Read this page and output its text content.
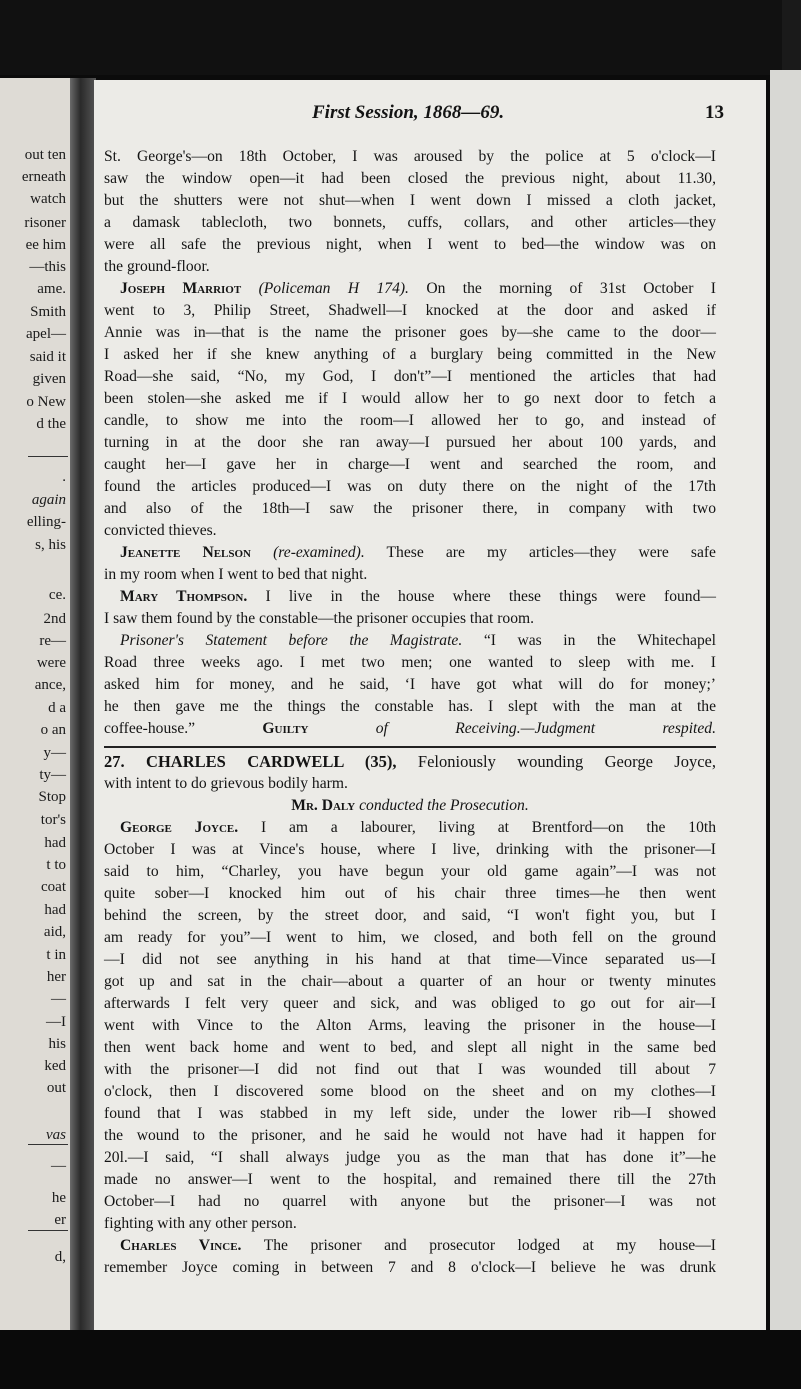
out ten
erneath
watch
risoner
ee him
—this
ame.
Smith
apel—
said it
given
o New
d the
.
again
elling-
s, his
ce.
2nd
re—
were
ance,
d a
o an
y—
ty—
Stop
tor's
had
t to
coat
had
aid,
t in
her
—
—I
his
ked
out
vas
—
he
er
d,
First Session, 1868—69.	13
St. George's—on 18th October, I was aroused by the police at 5 o'clock—I
saw the window open—it had been closed the previous night, about 11.30,
but the shutters were not shut—when I went down I missed a cloth jacket,
a damask tablecloth, two bonnets, cuffs, collars, and other articles—they
were all safe the previous night, when I went to bed—the window was on
the ground-floor.
Joseph Marriot (Policeman H 174). On the morning of 31st October I
went to 3, Philip Street, Shadwell—I knocked at the door and asked if
Annie was in—that is the name the prisoner goes by—she came to the door—
I asked her if she knew anything of a burglary being committed in the New
Road—she said, “No, my God, I don't”—I mentioned the articles that had
been stolen—she asked me if I would allow her to go next door to fetch a
candle, to show me into the room—I allowed her to go, and instead of
turning in at the door she ran away—I pursued her about 100 yards, and
caught her—I gave her in charge—I went and searched the room, and
found the articles produced—I was on duty there on the night of the 17th
and also of the 18th—I saw the prisoner there, in company with two
convicted thieves.
Jeanette Nelson (re-examined). These are my articles—they were safe
in my room when I went to bed that night.
Mary Thompson. I live in the house where these things were found—
I saw them found by the constable—the prisoner occupies that room.
Prisoner's Statement before the Magistrate. “I was in the Whitechapel
Road three weeks ago. I met two men; one wanted to sleep with me. I
asked him for money, and he said, ‘I have got what will do for money;’
he then gave me the things the constable has. I slept with the man at the
coffee-house.”	Guilty	of Receiving.—Judgment respited.
27. CHARLES CARDWELL (35), Feloniously wounding George Joyce,
with intent to do grievous bodily harm.
Mr. Daly conducted the Prosecution.
George Joyce. I am a labourer, living at Brentford—on the 10th
October I was at Vince's house, where I live, drinking with the prisoner—I
said to him, “Charley, you have begun your old game again”—I was not
quite sober—I knocked him out of his chair three times—he then went
behind the screen, by the street door, and said, “I won't fight you, but I
am ready for you”—I went to him, we closed, and both fell on the ground
—I did not see anything in his hand at that time—Vince separated us—I
got up and sat in the chair—about a quarter of an hour or twenty minutes
afterwards I felt very queer and sick, and was obliged to go out for air—I
went with Vince to the Alton Arms, leaving the prisoner in the house—I
then went back home and went to bed, and slept all night in the same bed
with the prisoner—I did not find out that I was wounded till about 7
o'clock, then I discovered some blood on the sheet and on my clothes—I
found that I was stabbed in my left side, under the lower rib—I showed
the wound to the prisoner, and he said he would not have had it happen for
20l.—I said, “I shall always judge you as the man that has done it”—he
made no answer—I went to the hospital, and remained there till the 27th
October—I had no quarrel with anyone but the prisoner—I was not
fighting with any other person.
Charles Vince. The prisoner and prosecutor lodged at my house—I
remember Joyce coming in between 7 and 8 o'clock—I believe he was drunk
